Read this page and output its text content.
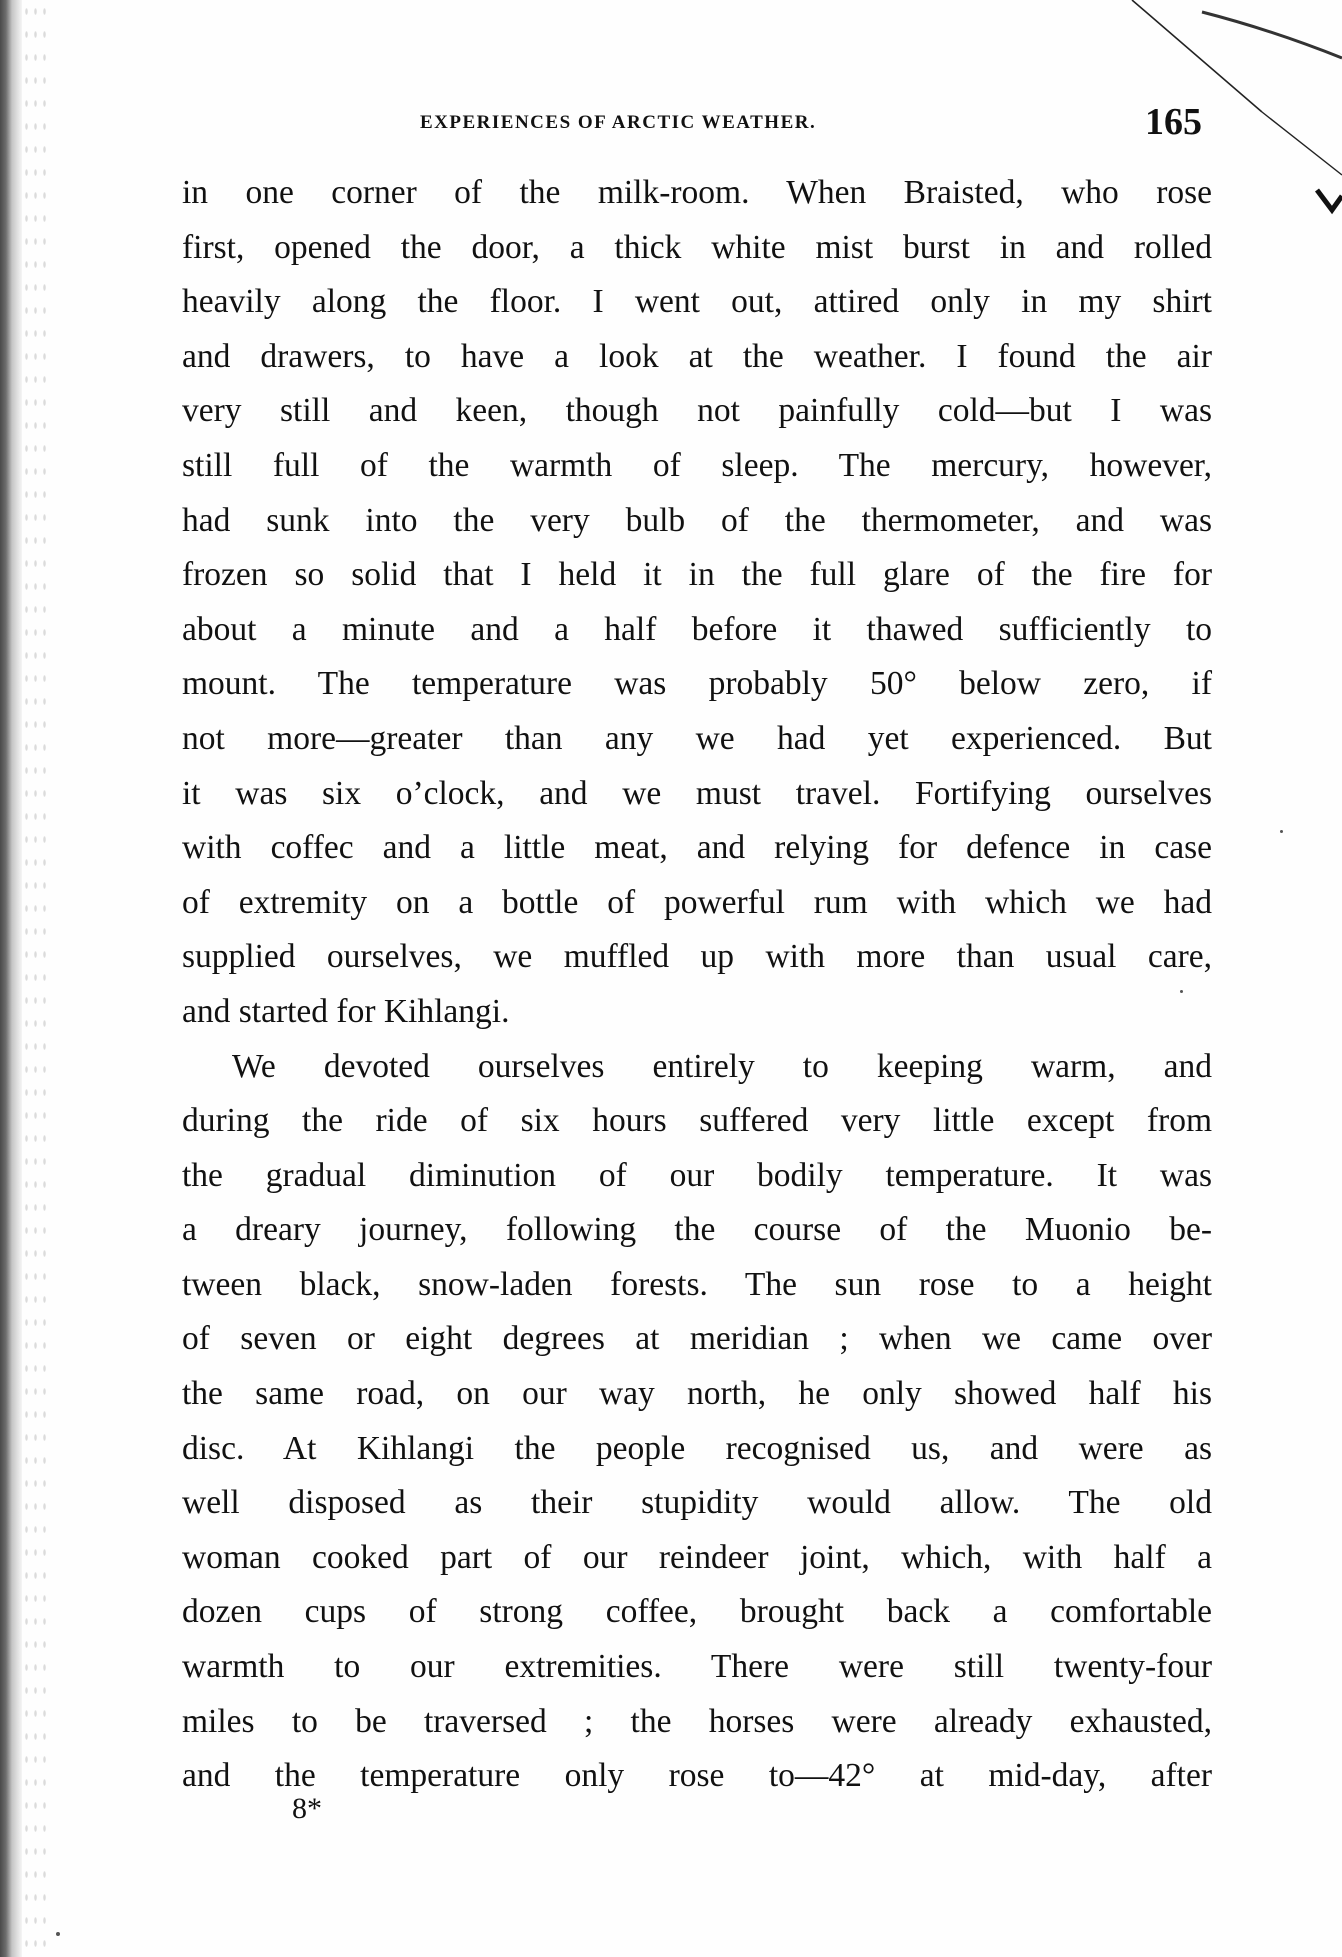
EXPERIENCES OF ARCTIC WEATHER.	165
in one corner of the milk-room. When Braisted, who rose
first, opened the door, a thick white mist burst in and rolled
heavily along the floor. I went out, attired only in my shirt
and drawers, to have a look at the weather. I found the air
very still and keen, though not painfully cold—but I was
still full of the warmth of sleep. The mercury, however,
had sunk into the very bulb of the thermometer, and was
frozen so solid that I held it in the full glare of the fire for
about a minute and a half before it thawed sufficiently to
mount. The temperature was probably 50° below zero, if
not more—greater than any we had yet experienced. But
it was six o’clock, and we must travel. Fortifying ourselves
with coffec and a little meat, and relying for defence in case
of extremity on a bottle of powerful rum with which we had
supplied ourselves, we muffled up with more than usual care,
and started for Kihlangi.
We devoted ourselves entirely to keeping warm, and
during the ride of six hours suffered very little except from
the gradual diminution of our bodily temperature. It was
a dreary journey, following the course of the Muonio be-
tween black, snow-laden forests. The sun rose to a height
of seven or eight degrees at meridian ; when we came over
the same road, on our way north, he only showed half his
disc. At Kihlangi the people recognised us, and were as
well disposed as their stupidity would allow. The old
woman cooked part of our reindeer joint, which, with half a
dozen cups of strong coffee, brought back a comfortable
warmth to our extremities. There were still twenty-four
miles to be traversed ; the horses were already exhausted,
and the temperature only rose to—42° at mid-day, after
8*
